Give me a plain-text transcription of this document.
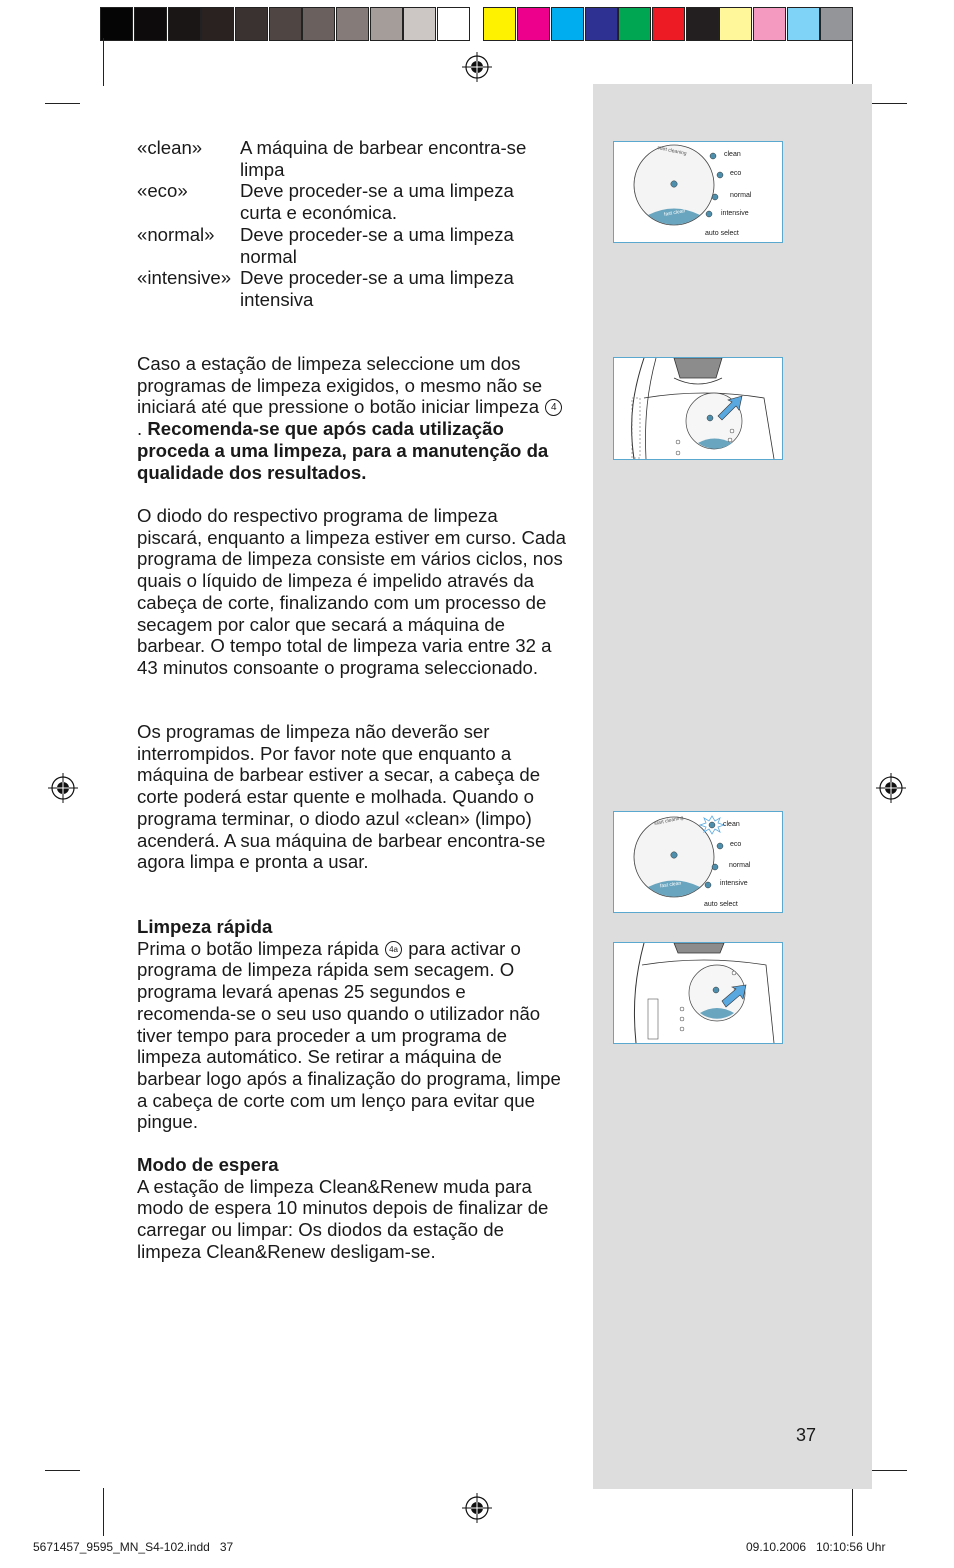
clean
eco
normal
intensive
auto select
start cleaning
fast clean
clean
eco
normal
intensive
auto select
start cleaning
fast clean
«clean» A máquina de barbear encontra-se limpa
«eco»	Deve proceder-se a uma limpeza curta e económica.
«normal» Deve proceder-se a uma limpeza normal
«intensive» Deve proceder-se a uma limpeza intensiva

Caso a estação de limpeza seleccione um dos programas de limpeza exigidos, o mesmo não se iniciará até que pressione o botão iniciar limpeza 4. Recomenda-se que após cada utilização proceda a uma limpeza, para a manutenção da qualidade dos resultados.

O diodo do respectivo programa de limpeza piscará, enquanto a limpeza estiver em curso. Cada programa de limpeza consiste em vários ciclos, nos quais o líquido de limpeza é impelido através da cabeça de corte, finalizando com um processo de secagem por calor que secará a máquina de barbear. O tempo total de limpeza varia entre 32 a 43 minutos consoante o programa seleccionado.

Os programas de limpeza não deverão ser interrompidos. Por favor note que enquanto a máquina de barbear estiver a secar, a cabeça de corte poderá estar quente e molhada. Quando o programa terminar, o diodo azul «clean» (limpo) acenderá. A sua máquina de barbear encontra-se agora limpa e pronta a usar.

Limpeza rápida

Prima o botão limpeza rápida 4a para activar o programa de limpeza rápida sem secagem. O programa levará apenas 25 segundos e recomenda-se o seu uso quando o utilizador não tiver tempo para proceder a um programa de limpeza automático. Se retirar a máquina de barbear logo após a finalização do programa, limpe a cabeça de corte com um lenço para evitar que pingue.

Modo de espera

A estação de limpeza Clean&Renew muda para modo de espera 10 minutos depois de finalizar de carregar ou limpar: Os diodos da estação de limpeza Clean&Renew desligam-se.

37
5671457_9595_MN_S4-102.indd   37	09.10.2006   10:10:56 Uhr
